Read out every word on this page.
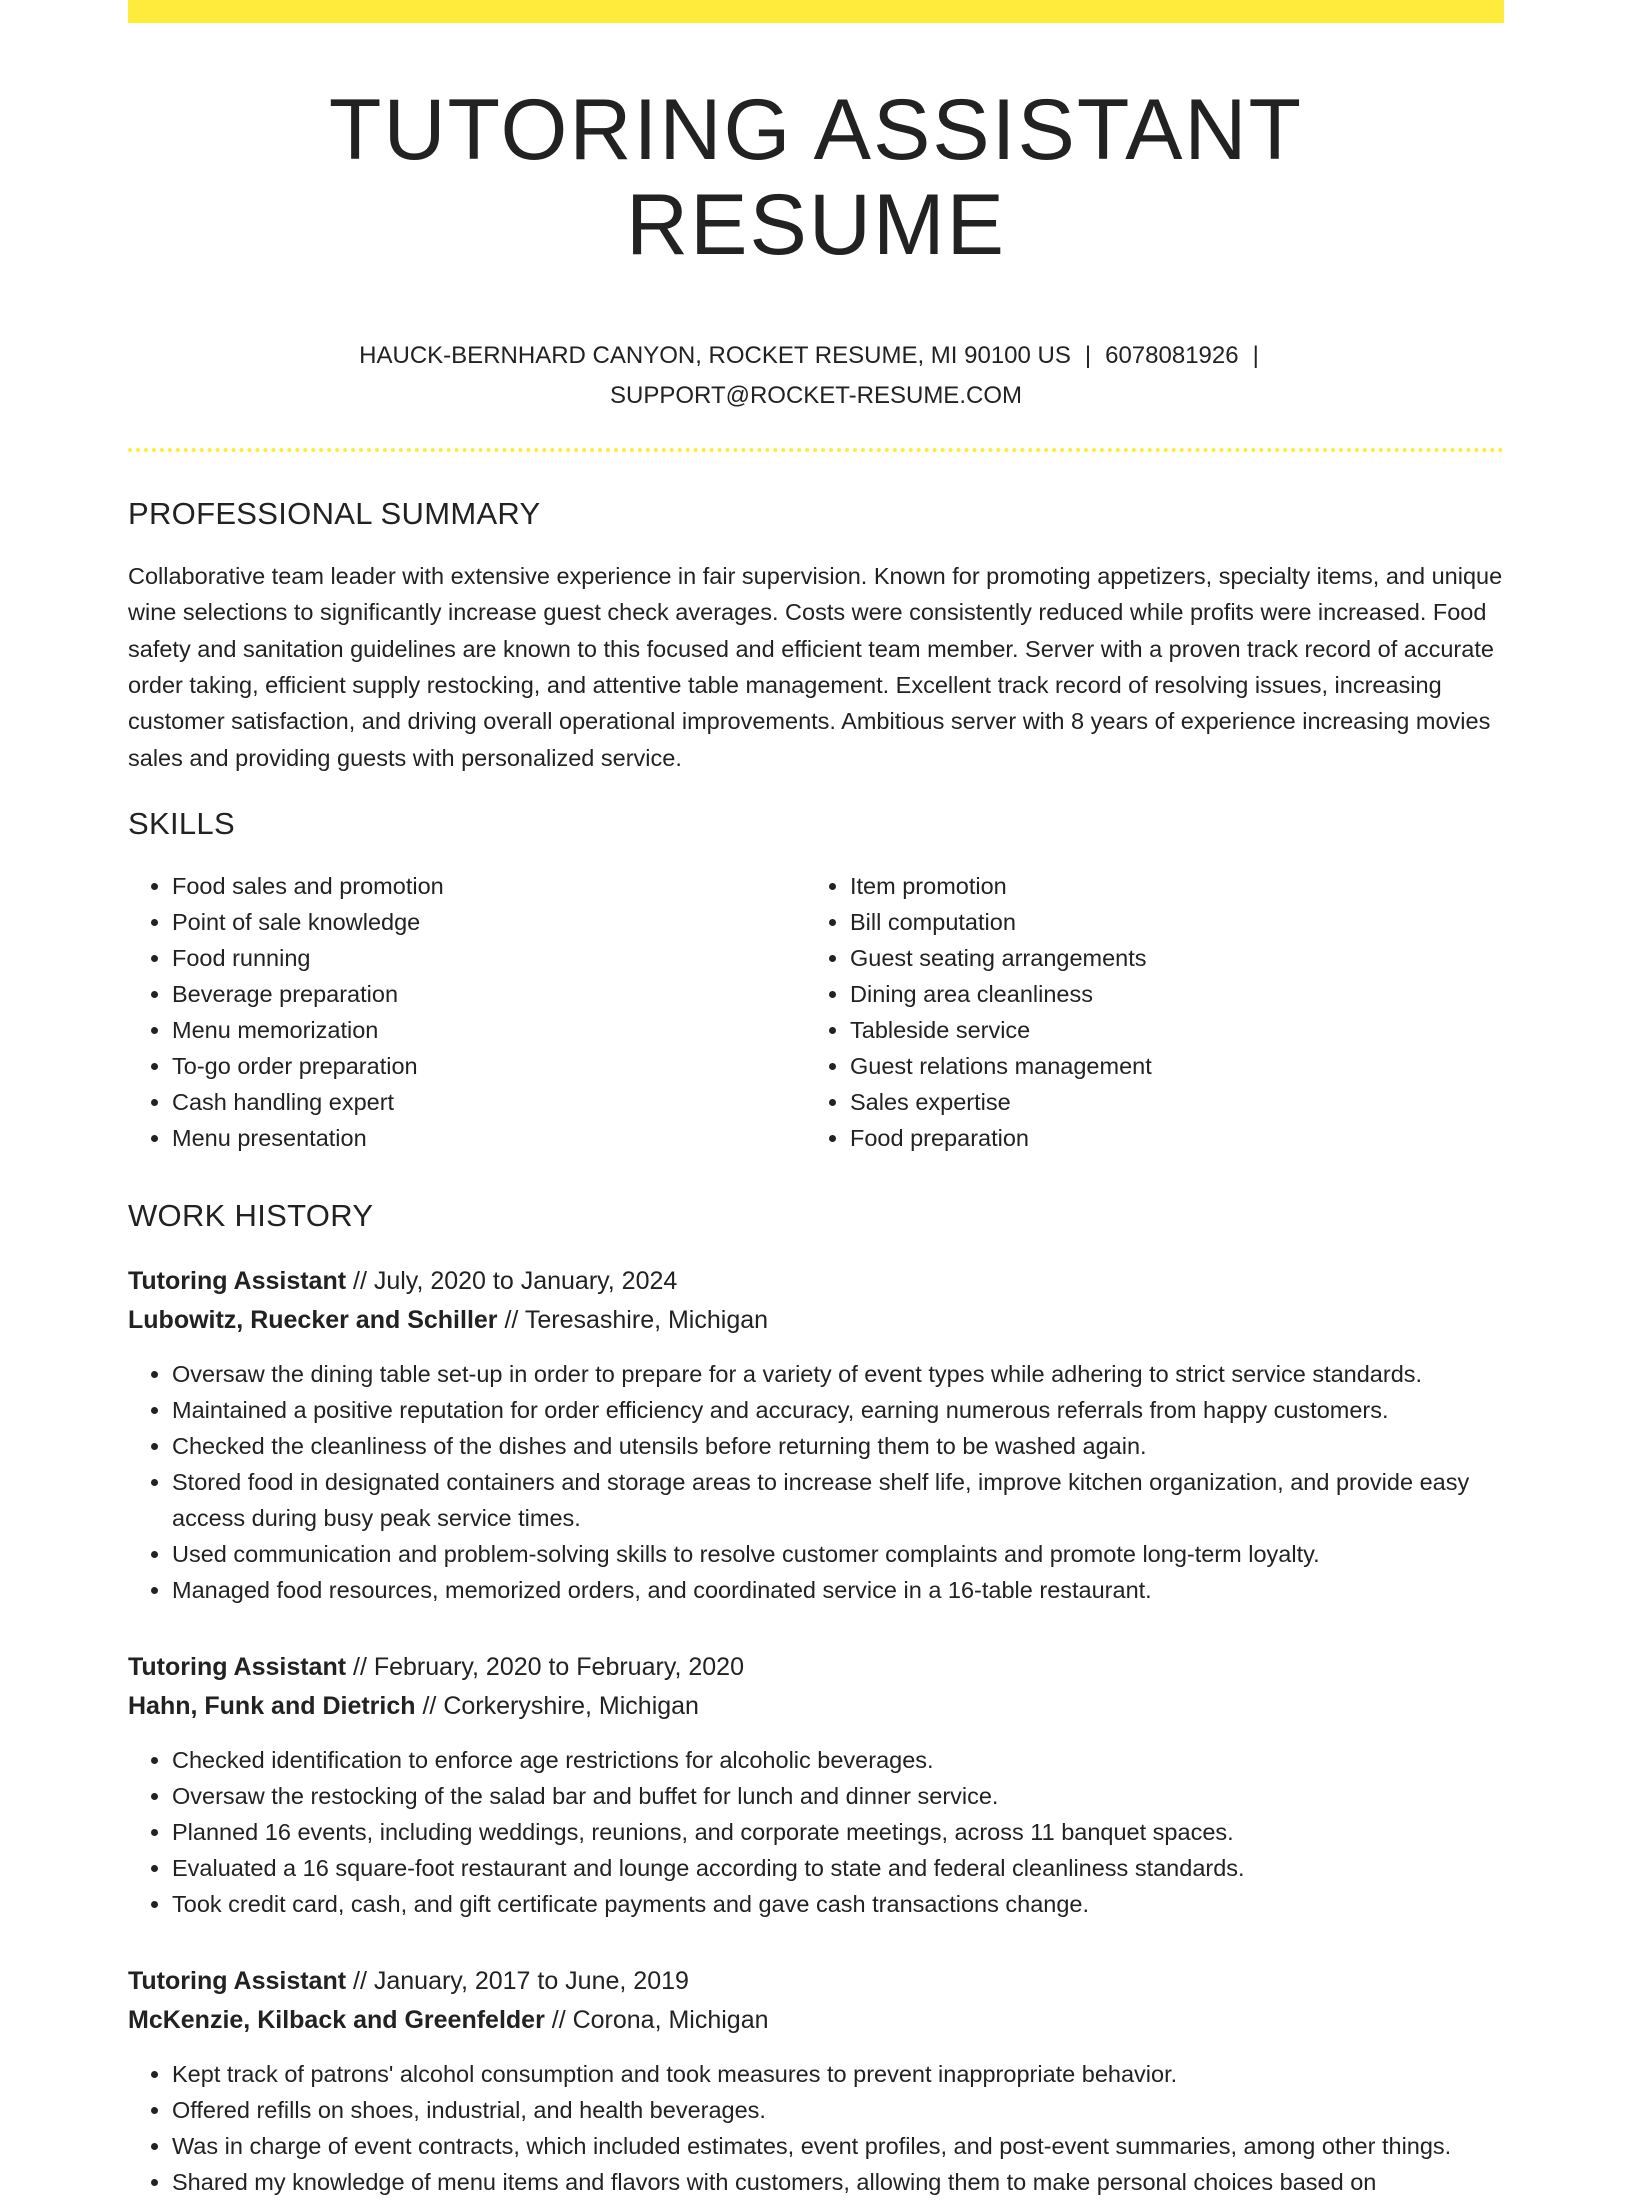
TUTORING ASSISTANT RESUME
HAUCK-BERNHARD CANYON, ROCKET RESUME, MI 90100 US | 6078081926 |
SUPPORT@ROCKET-RESUME.COM
PROFESSIONAL SUMMARY

Collaborative team leader with extensive experience in fair supervision. Known for promoting appetizers, specialty items, and unique wine selections to significantly increase guest check averages. Costs were consistently reduced while profits were increased. Food safety and sanitation guidelines are known to this focused and efficient team member. Server with a proven track record of accurate order taking, efficient supply restocking, and attentive table management. Excellent track record of resolving issues, increasing customer satisfaction, and driving overall operational improvements. Ambitious server with 8 years of experience increasing movies sales and providing guests with personalized service.

SKILLS
• Food sales and promotion
• Point of sale knowledge
• Food running
• Beverage preparation
• Menu memorization
• To-go order preparation
• Cash handling expert
• Menu presentation
• Item promotion
• Bill computation
• Guest seating arrangements
• Dining area cleanliness
• Tableside service
• Guest relations management
• Sales expertise
• Food preparation
WORK HISTORY
Tutoring Assistant // July, 2020 to January, 2024
Lubowitz, Ruecker and Schiller // Teresashire, Michigan
• Oversaw the dining table set-up in order to prepare for a variety of event types while adhering to strict service standards.
• Maintained a positive reputation for order efficiency and accuracy, earning numerous referrals from happy customers.
• Checked the cleanliness of the dishes and utensils before returning them to be washed again.
• Stored food in designated containers and storage areas to increase shelf life, improve kitchen organization, and provide easy access during busy peak service times.
• Used communication and problem-solving skills to resolve customer complaints and promote long-term loyalty.
• Managed food resources, memorized orders, and coordinated service in a 16-table restaurant.
Tutoring Assistant // February, 2020 to February, 2020
Hahn, Funk and Dietrich // Corkeryshire, Michigan
• Checked identification to enforce age restrictions for alcoholic beverages.
• Oversaw the restocking of the salad bar and buffet for lunch and dinner service.
• Planned 16 events, including weddings, reunions, and corporate meetings, across 11 banquet spaces.
• Evaluated a 16 square-foot restaurant and lounge according to state and federal cleanliness standards.
• Took credit card, cash, and gift certificate payments and gave cash transactions change.
Tutoring Assistant // January, 2017 to June, 2019
McKenzie, Kilback and Greenfelder // Corona, Michigan
• Kept track of patrons' alcohol consumption and took measures to prevent inappropriate behavior.
• Offered refills on shoes, industrial, and health beverages.
• Was in charge of event contracts, which included estimates, event profiles, and post-event summaries, among other things.
• Shared my knowledge of menu items and flavors with customers, allowing them to make personal choices based on
